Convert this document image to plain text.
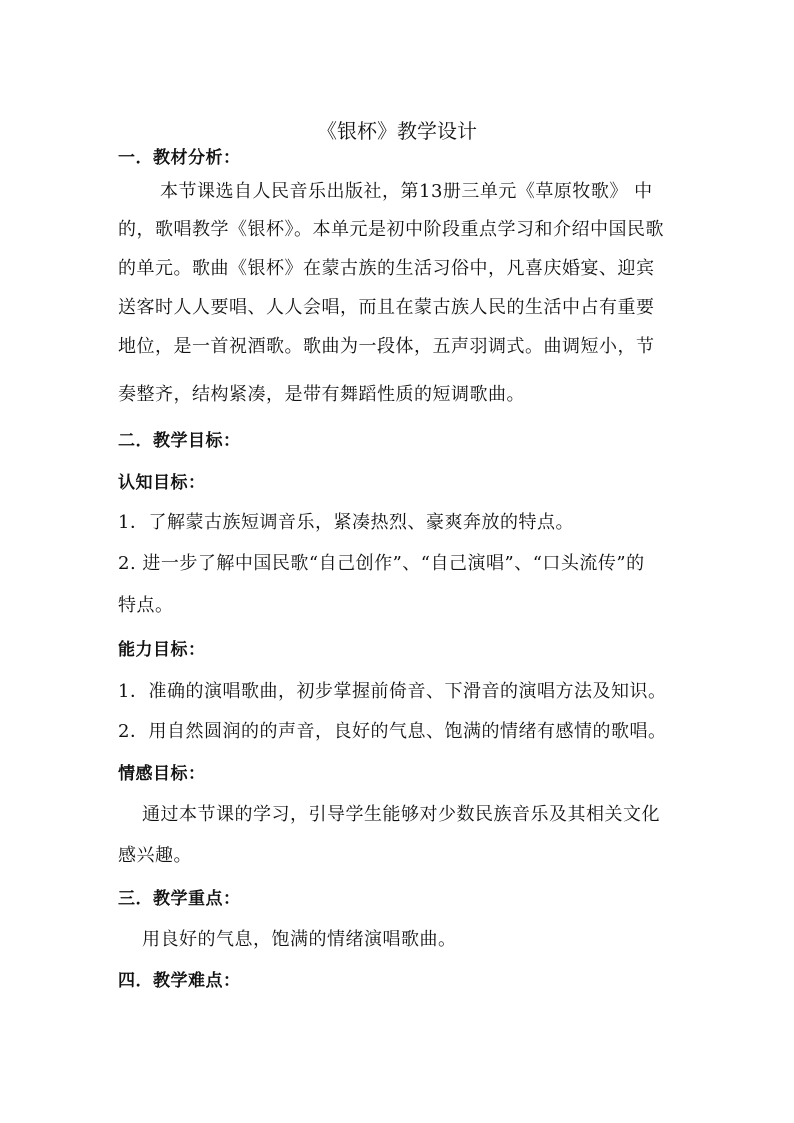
《银杯》教学设计
一．教材分析：
本节课选自人民音乐出版社，第13册三单元《草原牧歌》 中
的，歌唱教学《银杯》。本单元是初中阶段重点学习和介绍中国民歌
的单元。歌曲《银杯》在蒙古族的生活习俗中，凡喜庆婚宴、迎宾
送客时人人要唱、人人会唱，而且在蒙古族人民的生活中占有重要
地位，是一首祝酒歌。歌曲为一段体，五声羽调式。曲调短小，节
奏整齐，结构紧凑，是带有舞蹈性质的短调歌曲。
二．教学目标：
认知目标：
1．了解蒙古族短调音乐，紧凑热烈、豪爽奔放的特点。
2. 进一步了解中国民歌“自己创作”、“自己演唱”、“口头流传”的
特点。
能力目标：
1．准确的演唱歌曲，初步掌握前倚音、下滑音的演唱方法及知识。
2．用自然圆润的的声音，良好的气息、饱满的情绪有感情的歌唱。
情感目标：
通过本节课的学习，引导学生能够对少数民族音乐及其相关文化
感兴趣。
三．教学重点：
用良好的气息，饱满的情绪演唱歌曲。
四．教学难点：
